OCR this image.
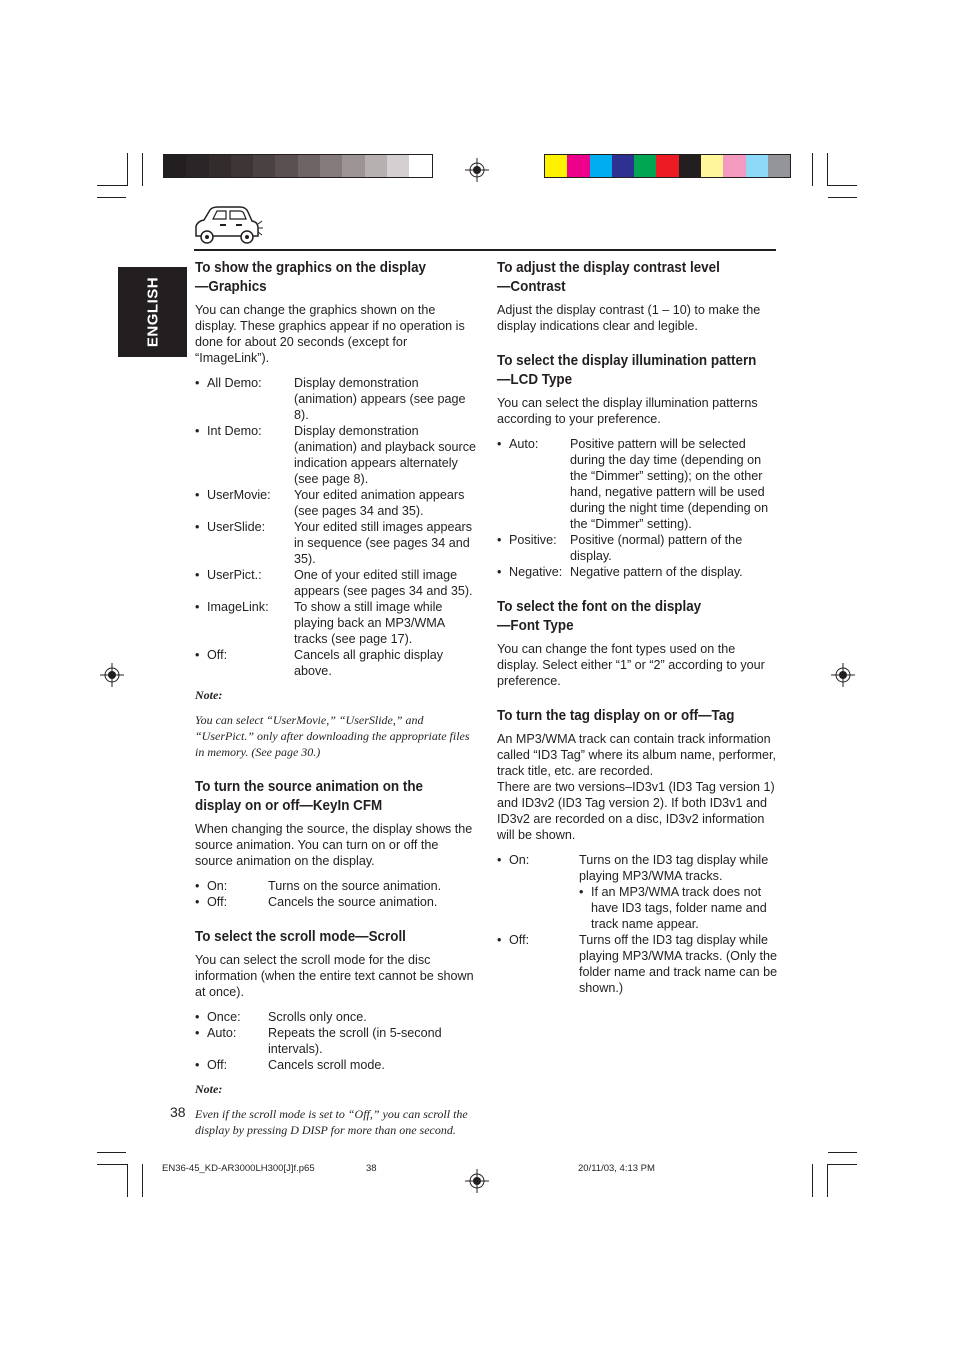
ENGLISH
To show the graphics on the display
—Graphics

You can change the graphics shown on the display. These graphics appear if no operation is done for about 20 seconds (except for “ImageLink”).

• All Demo:	Display demonstration (animation) appears (see page 8).
• Int Demo:	Display demonstration (animation) and playback source indication appears alternately (see page 8).
• UserMovie:	Your edited animation appears (see pages 34 and 35).
• UserSlide:	Your edited still images appears in sequence (see pages 34 and 35).
• UserPict.:	One of your edited still image appears (see pages 34 and 35).
• ImageLink:	To show a still image while playing back an MP3/WMA tracks (see page 17).
• Off:	Cancels all graphic display above.

Note:

You can select “UserMovie,” “UserSlide,” and “UserPict.” only after downloading the appropriate files in memory. (See page 30.)

To turn the source animation on the
display on or off—KeyIn CFM

When changing the source, the display shows the source animation. You can turn on or off the source animation on the display.

• On:	Turns on the source animation.
• Off:	Cancels the source animation.
To select the scroll mode—Scroll

You can select the scroll mode for the disc information (when the entire text cannot be shown at once).

• Once:	Scrolls only once.
• Auto:	Repeats the scroll (in 5-second intervals).
• Off:	Cancels scroll mode.

Note:

Even if the scroll mode is set to “Off,” you can scroll the display by pressing D DISP for more than one second.

To adjust the display contrast level
—Contrast

Adjust the display contrast (1 – 10) to make the display indications clear and legible.

To select the display illumination pattern
—LCD Type

You can select the display illumination patterns according to your preference.

• Auto:	Positive pattern will be selected during the day time (depending on the “Dimmer” setting); on the other hand, negative pattern will be used during the night time (depending on the “Dimmer” setting).
• Positive:	Positive (normal) pattern of the display.
• Negative: Negative pattern of the display.
To select the font on the display
—Font Type

You can change the font types used on the display. Select either “1” or “2” according to your preference.

To turn the tag display on or off—Tag

An MP3/WMA track can contain track information called “ID3 Tag” where its album name, performer, track title, etc. are recorded.
There are two versions–ID3v1 (ID3 Tag version 1) and ID3v2 (ID3 Tag version 2). If both ID3v1 and ID3v2 are recorded on a disc, ID3v2 information will be shown.

• On:	Turns on the ID3 tag display while playing MP3/WMA tracks.
• If an MP3/WMA track does not have ID3 tags, folder name and track name appear.
• Off:	Turns off the ID3 tag display while playing MP3/WMA tracks. (Only the folder name and track name can be shown.)
38
EN36-45_KD-AR3000LH300[J]f.p65	38	20/11/03, 4:13 PM
